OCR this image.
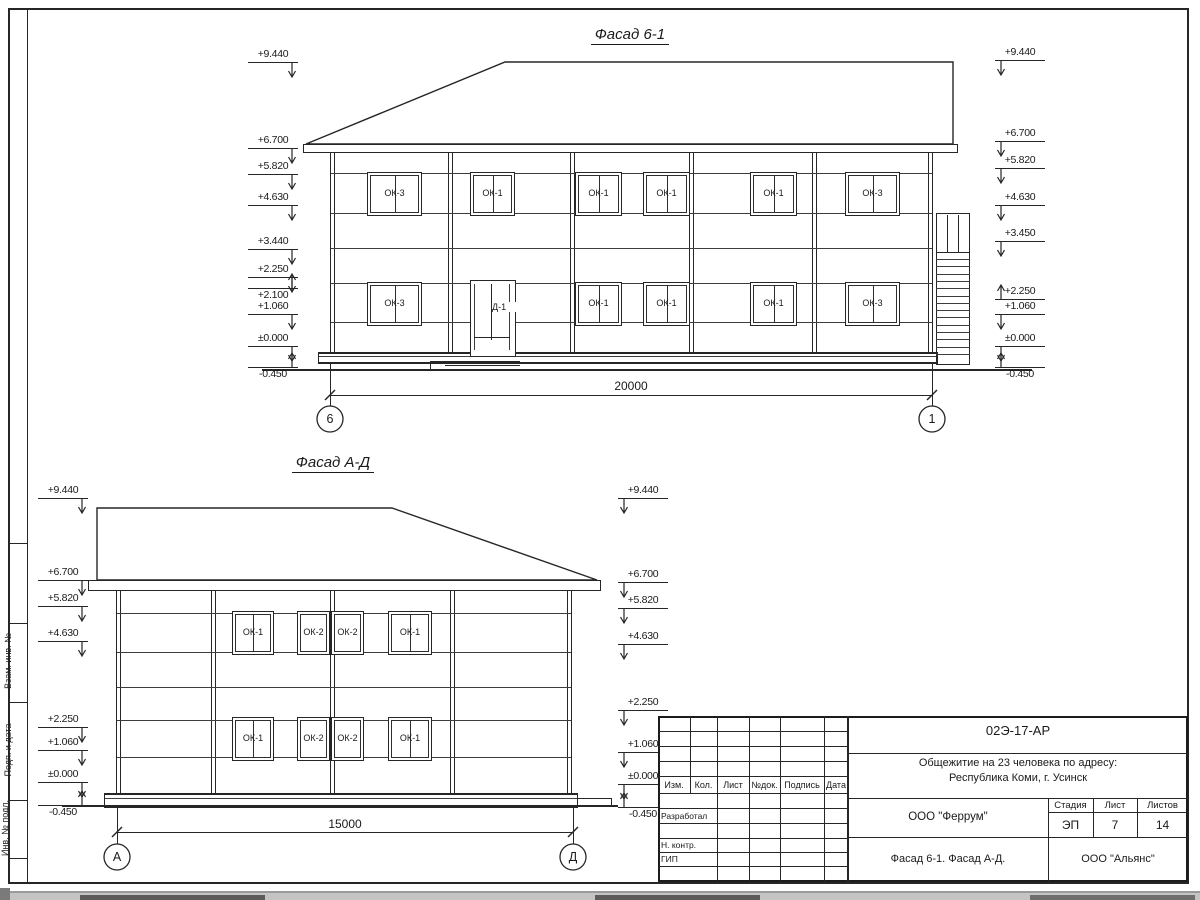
ОК-3	ОК-1	ОК-1	ОК-1	ОК-1	ОК-3
ОК-3	ОК-1	ОК-1	ОК-1	ОК-3
Д-1
ОК-1	ОК-2	ОК-2	ОК-1
ОК-1	ОК-2	ОК-2	ОК-1
+9.440
+6.700
+5.820
+4.630
+3.440
+2.250
+2.100
+1.060
±0.000
-0.450
+9.440
+6.700
+5.820
+4.630
+3.450
+2.250
+1.060
±0.000
-0.450
+9.440
+6.700
+5.820
+4.630
+2.250
+1.060
±0.000
-0.450
+9.440
+6.700
+5.820
+4.630
+2.250
+1.060
±0.000
-0.450
Взам. инв. №
Подп. и дата
Инв. № подл.
Фасад 6-1
Фасад А-Д
20000
15000
6	1
А	Д
02Э-17-АР
Общежитие на 23 человека по адресу:
Республика Коми, г. Усинск
Изм.	Кол.	Лист №док. Подпись Дата
Разработал
Н. контр.
ГИП
ООО "Феррум"
Стадия	Лист	Листов
ЭП	7	14
Фасад 6-1. Фасад А-Д.	ООО "Альянс"
